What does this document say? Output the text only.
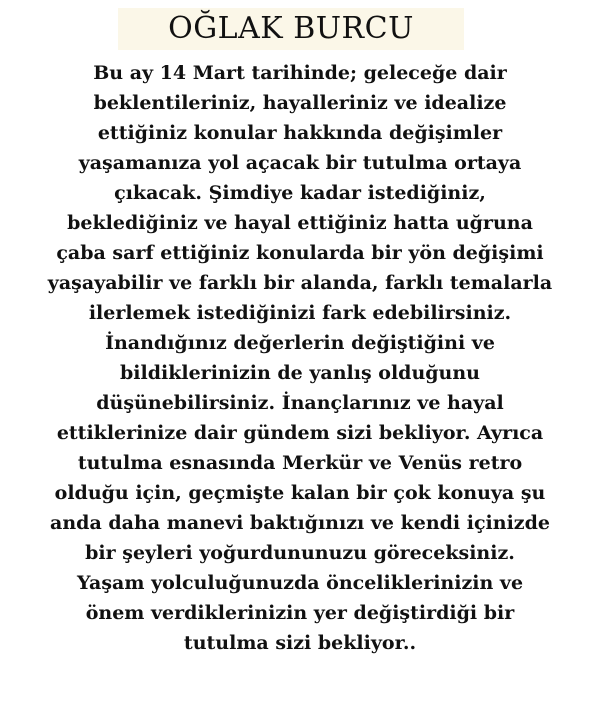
OĞLAK BURCU

Bu ay 14 Mart tarihinde; geleceğe dair
beklentileriniz, hayalleriniz ve idealize
ettiğiniz konular hakkında değişimler
yaşamanıza yol açacak bir tutulma ortaya
çıkacak. Şimdiye kadar istediğiniz,
beklediğiniz ve hayal ettiğiniz hatta uğruna
çaba sarf ettiğiniz konularda bir yön değişimi
yaşayabilir ve farklı bir alanda, farklı temalarla
ilerlemek istediğinizi fark edebilirsiniz.
İnandığınız değerlerin değiştiğini ve
bildiklerinizin de yanlış olduğunu
düşünebilirsiniz. İnançlarınız ve hayal
ettiklerinize dair gündem sizi bekliyor. Ayrıca
tutulma esnasında Merkür ve Venüs retro
olduğu için, geçmişte kalan bir çok konuya şu
anda daha manevi baktığınızı ve kendi içinizde
bir şeyleri yoğurdununuzu göreceksiniz.
Yaşam yolculuğunuzda önceliklerinizin ve
önem verdiklerinizin yer değiştirdiği bir
tutulma sizi bekliyor..
